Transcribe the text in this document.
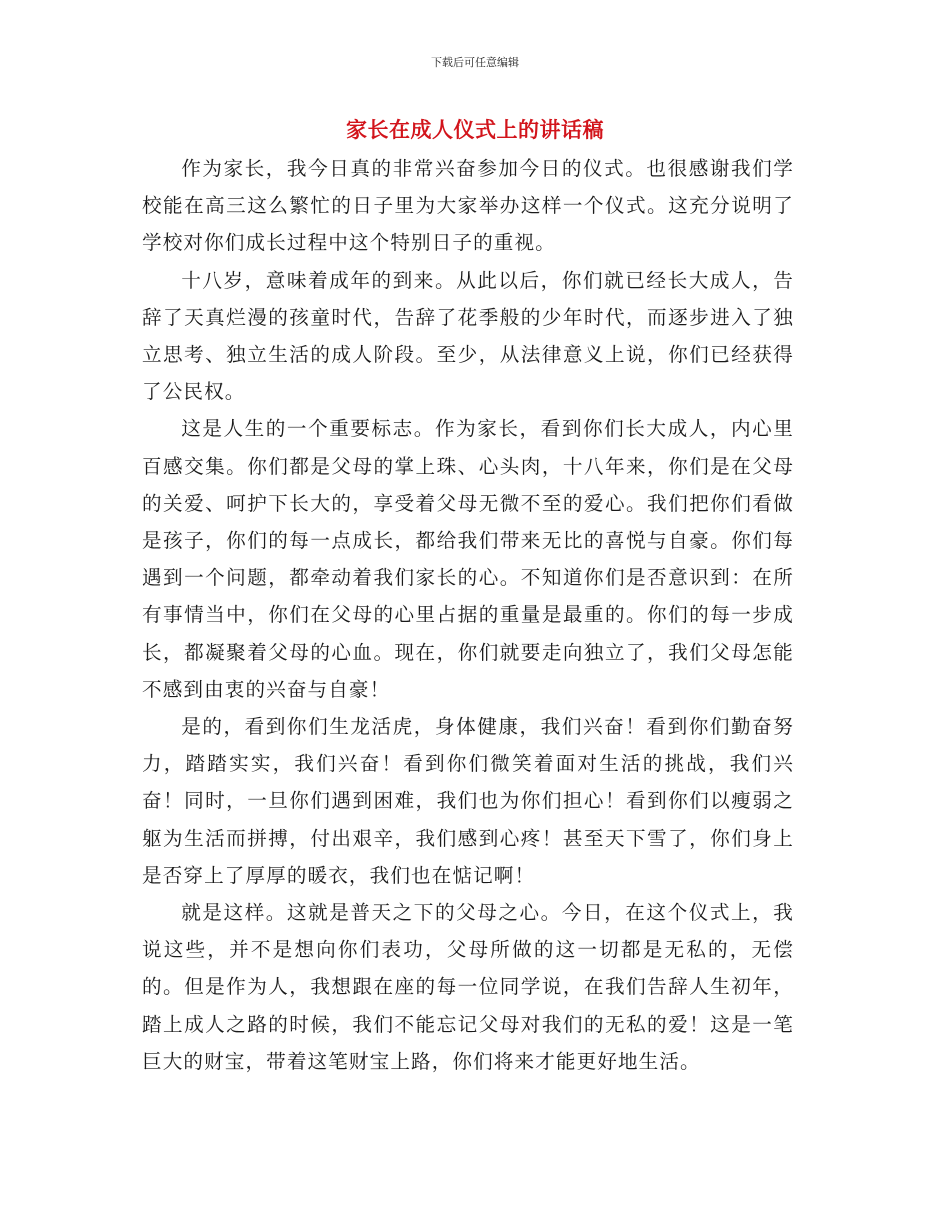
下载后可任意编辑
家长在成人仪式上的讲话稿

作为家长，我今日真的非常兴奋参加今日的仪式。也很感谢我们学校能在高三这么繁忙的日子里为大家举办这样一个仪式。这充分说明了学校对你们成长过程中这个特别日子的重视。

十八岁，意味着成年的到来。从此以后，你们就已经长大成人，告辞了天真烂漫的孩童时代，告辞了花季般的少年时代，而逐步进入了独立思考、独立生活的成人阶段。至少，从法律意义上说，你们已经获得了公民权。

这是人生的一个重要标志。作为家长，看到你们长大成人，内心里百感交集。你们都是父母的掌上珠、心头肉，十八年来，你们是在父母的关爱、呵护下长大的，享受着父母无微不至的爱心。我们把你们看做是孩子，你们的每一点成长，都给我们带来无比的喜悦与自豪。你们每遇到一个问题，都牵动着我们家长的心。不知道你们是否意识到：在所有事情当中，你们在父母的心里占据的重量是最重的。你们的每一步成长，都凝聚着父母的心血。现在，你们就要走向独立了，我们父母怎能不感到由衷的兴奋与自豪！

是的，看到你们生龙活虎，身体健康，我们兴奋！看到你们勤奋努力，踏踏实实，我们兴奋！看到你们微笑着面对生活的挑战，我们兴奋！同时，一旦你们遇到困难，我们也为你们担心！看到你们以瘦弱之躯为生活而拼搏，付出艰辛，我们感到心疼！甚至天下雪了，你们身上是否穿上了厚厚的暖衣，我们也在惦记啊！

就是这样。这就是普天之下的父母之心。今日，在这个仪式上，我说这些，并不是想向你们表功，父母所做的这一切都是无私的，无偿的。但是作为人，我想跟在座的每一位同学说，在我们告辞人生初年，踏上成人之路的时候，我们不能忘记父母对我们的无私的爱！这是一笔巨大的财宝，带着这笔财宝上路，你们将来才能更好地生活。
